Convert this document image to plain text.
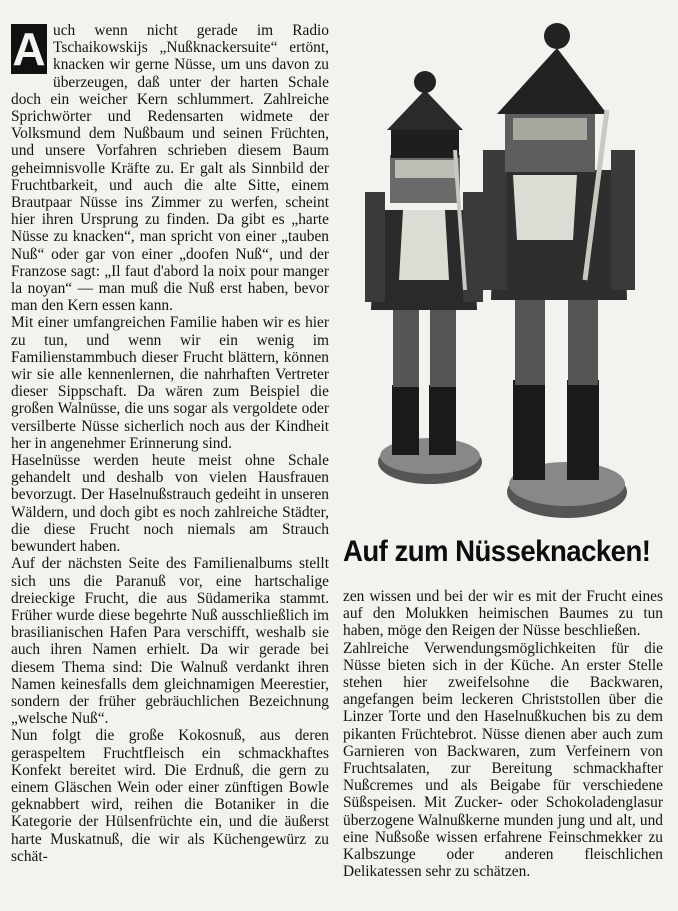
A uch wenn nicht gerade im Radio Tschaikowskijs „Nußknackersuite“ ertönt, knacken wir gerne Nüsse, um uns davon zu überzeugen, daß unter der harten Schale doch ein weicher Kern schlummert. Zahlreiche Sprichwörter und Redensarten widmete der Volksmund dem Nußbaum und seinen Früchten, und unsere Vorfahren schrieben diesem Baum geheimnisvolle Kräfte zu. Er galt als Sinnbild der Fruchtbarkeit, und auch die alte Sitte, einem Brautpaar Nüsse ins Zimmer zu werfen, scheint hier ihren Ursprung zu finden. Da gibt es „harte Nüsse zu knacken“, man spricht von einer „tauben Nuß“ oder gar von einer „doofen Nuß“, und der Franzose sagt: „Il faut d'abord la noix pour manger la noyan“ — man muß die Nuß erst haben, bevor man den Kern essen kann.

Mit einer umfangreichen Familie haben wir es hier zu tun, und wenn wir ein wenig im Familienstammbuch dieser Frucht blättern, können wir sie alle kennenlernen, die nahrhaften Vertreter dieser Sippschaft. Da wären zum Beispiel die großen Walnüsse, die uns sogar als vergoldete oder versilberte Nüsse sicherlich noch aus der Kindheit her in angenehmer Erinnerung sind.

Haselnüsse werden heute meist ohne Schale gehandelt und deshalb von vielen Hausfrauen bevorzugt. Der Haselnußstrauch gedeiht in unseren Wäldern, und doch gibt es noch zahlreiche Städter, die diese Frucht noch niemals am Strauch bewundert haben.

Auf der nächsten Seite des Familienalbums stellt sich uns die Paranuß vor, eine hartschalige dreieckige Frucht, die aus Südamerika stammt. Früher wurde diese begehrte Nuß ausschließlich im brasilianischen Hafen Para verschifft, weshalb sie auch ihren Namen erhielt. Da wir gerade bei diesem Thema sind: Die Walnuß verdankt ihren Namen keinesfalls dem gleichnamigen Meerestier, sondern der früher gebräuchlichen Bezeichnung „welsche Nuß“.

Nun folgt die große Kokosnuß, aus deren geraspeltem Fruchtfleisch ein schmackhaftes Konfekt bereitet wird. Die Erdnuß, die gern zu einem Gläschen Wein oder einer zünftigen Bowle geknabbert wird, reihen die Botaniker in die Kategorie der Hülsenfrüchte ein, und die äußerst harte Muskatnuß, die wir als Küchengewürz zu schät-

Auf zum Nüsseknacken!

zen wissen und bei der wir es mit der Frucht eines auf den Molukken heimischen Baumes zu tun haben, möge den Reigen der Nüsse beschließen.

Zahlreiche Verwendungsmöglichkeiten für die Nüsse bieten sich in der Küche. An erster Stelle stehen hier zweifelsohne die Backwaren, angefangen beim leckeren Christstollen über die Linzer Torte und den Haselnußkuchen bis zu dem pikanten Früchtebrot. Nüsse dienen aber auch zum Garnieren von Backwaren, zum Verfeinern von Fruchtsalaten, zur Bereitung schmackhafter Nußcremes und als Beigabe für verschiedene Süßspeisen. Mit Zucker- oder Schokoladenglasur überzogene Walnußkerne munden jung und alt, und eine Nußsoße wissen erfahrene Feinschmekker zu Kalbszunge oder anderen fleischlichen Delikatessen sehr zu schätzen.
